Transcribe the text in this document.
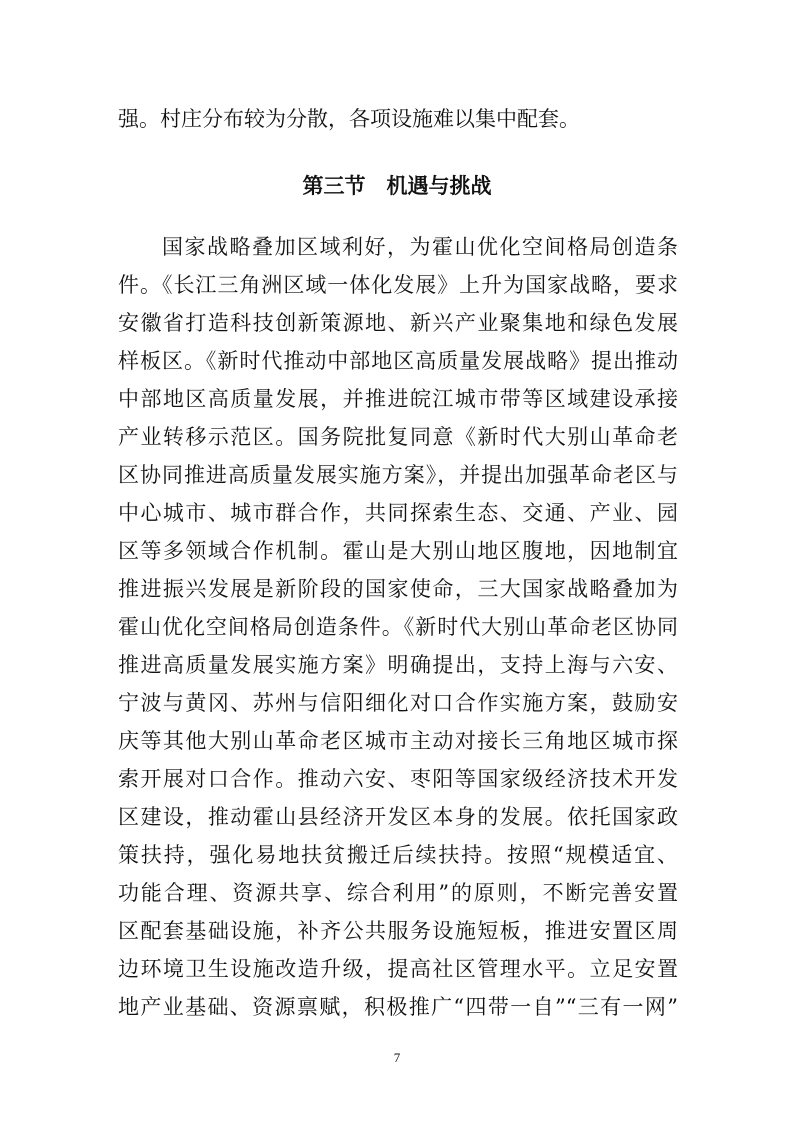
强。村庄分布较为分散，各项设施难以集中配套。
第三节　机遇与挑战
国家战略叠加区域利好，为霍山优化空间格局创造条
件。《长江三角洲区域一体化发展》上升为国家战略，要求
安徽省打造科技创新策源地、新兴产业聚集地和绿色发展
样板区。《新时代推动中部地区高质量发展战略》提出推动
中部地区高质量发展，并推进皖江城市带等区域建设承接
产业转移示范区。国务院批复同意《新时代大别山革命老
区协同推进高质量发展实施方案》，并提出加强革命老区与
中心城市、城市群合作，共同探索生态、交通、产业、园
区等多领域合作机制。霍山是大别山地区腹地，因地制宜
推进振兴发展是新阶段的国家使命，三大国家战略叠加为
霍山优化空间格局创造条件。《新时代大别山革命老区协同
推进高质量发展实施方案》明确提出，支持上海与六安、
宁波与黄冈、苏州与信阳细化对口合作实施方案，鼓励安
庆等其他大别山革命老区城市主动对接长三角地区城市探
索开展对口合作。推动六安、枣阳等国家级经济技术开发
区建设，推动霍山县经济开发区本身的发展。依托国家政
策扶持，强化易地扶贫搬迁后续扶持。按照“规模适宜、
功能合理、资源共享、综合利用”的原则，不断完善安置
区配套基础设施，补齐公共服务设施短板，推进安置区周
边环境卫生设施改造升级，提高社区管理水平。立足安置
地产业基础、资源禀赋，积极推广“四带一自”“三有一网”
7
